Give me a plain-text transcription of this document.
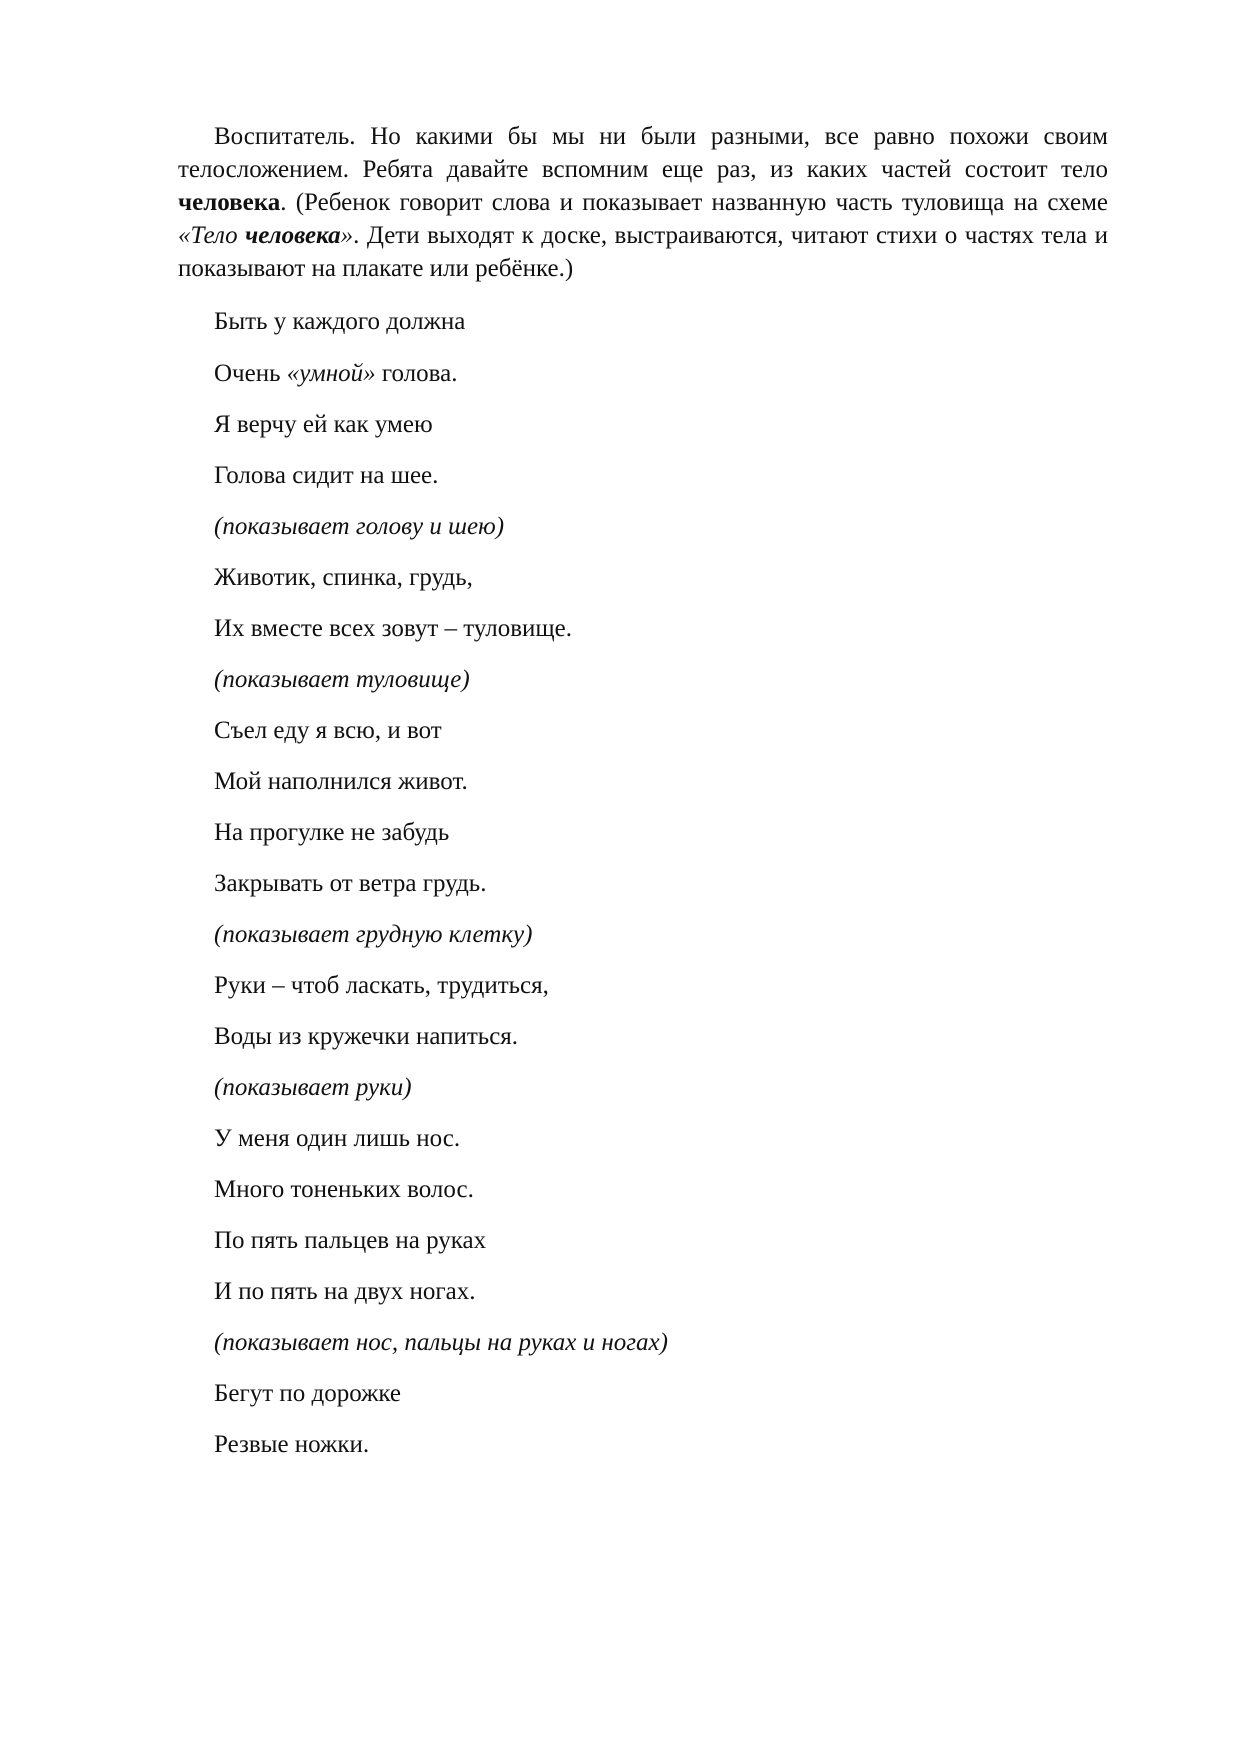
Воспитатель. Но какими бы мы ни были разными, все равно похожи своим телосложением. Ребята давайте вспомним еще раз, из каких частей состоит тело человека. (Ребенок говорит слова и показывает названную часть туловища на схеме «Тело человека». Дети выходят к доске, выстраиваются, читают стихи о частях тела и показывают на плакате или ребёнке.)

Быть у каждого должна

Очень «умной» голова.

Я верчу ей как умею

Голова сидит на шее.

(показывает голову и шею)

Животик, спинка, грудь,

Их вместе всех зовут – туловище.

(показывает туловище)

Съел еду я всю, и вот

Мой наполнился живот.

На прогулке не забудь

Закрывать от ветра грудь.

(показывает грудную клетку)

Руки – чтоб ласкать, трудиться,

Воды из кружечки напиться.

(показывает руки)

У меня один лишь нос.

Много тоненьких волос.

По пять пальцев на руках

И по пять на двух ногах.

(показывает нос, пальцы на руках и ногах)

Бегут по дорожке

Резвые ножки.
